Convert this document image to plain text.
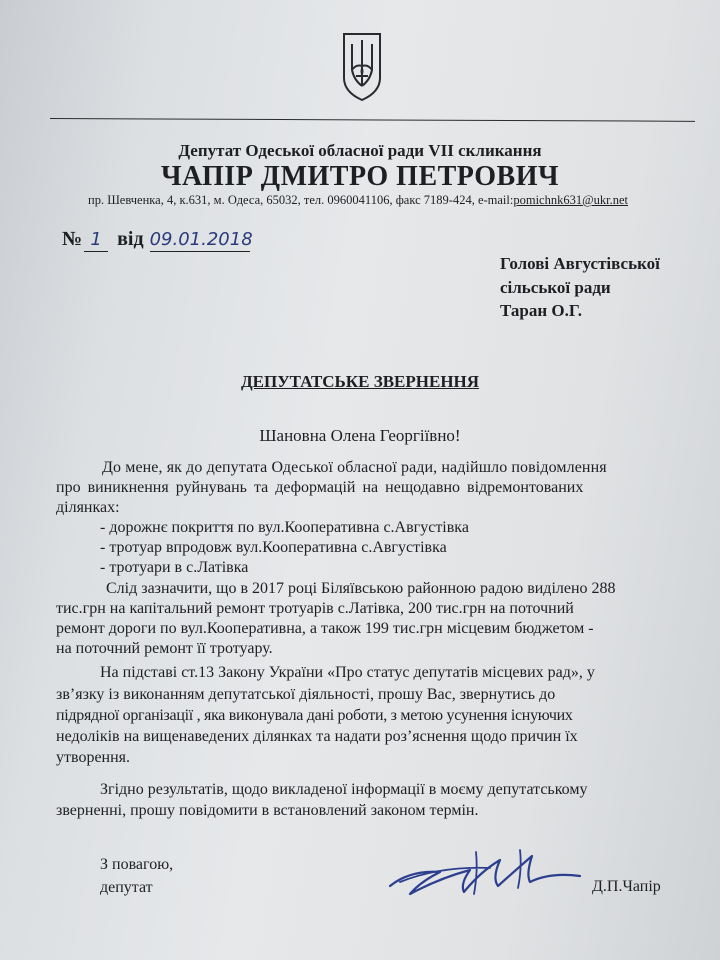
Депутат Одеської обласної ради VII скликання
ЧАПІР ДМИТРО ПЕТРОВИЧ
пр. Шевченка, 4, к.631, м. Одеса, 65032, тел. 0960041106, факс 7189-424, e-mail:pomichnk631@ukr.net
№ 1 від 09.01.2018
Голові Августівської
сільської ради
Таран О.Г.
ДЕПУТАТСЬКЕ ЗВЕРНЕННЯ
Шановна Олена Георгіївно!
До мене, як до депутата Одеської обласної ради, надійшло повідомлення
про виникнення руйнувань та деформацій на нещодавно відремонтованих
ділянках:
- дорожнє покриття по вул.Кооперативна с.Августівка
- тротуар впродовж вул.Кооперативна с.Августівка
- тротуари в с.Латівка
Слід зазначити, що в 2017 році Біляївською районною радою виділено 288
тис.грн на капітальний ремонт тротуарів с.Латівка, 200 тис.грн на поточний
ремонт дороги по вул.Кооперативна, а також 199 тис.грн місцевим бюджетом -
на поточний ремонт її тротуару.
На підставі ст.13 Закону України «Про статус депутатів місцевих рад», у
зв’язку із виконанням депутатської діяльності, прошу Вас, звернутись до
підрядної організації , яка виконувала дані роботи, з метою усунення існуючих
недоліків на вищенаведених ділянках та надати роз’яснення щодо причин їх
утворення.
Згідно результатів, щодо викладеної інформації в моєму депутатському
зверненні, прошу повідомити в встановлений законом термін.
З повагою,
депутат	Д.П.Чапір
